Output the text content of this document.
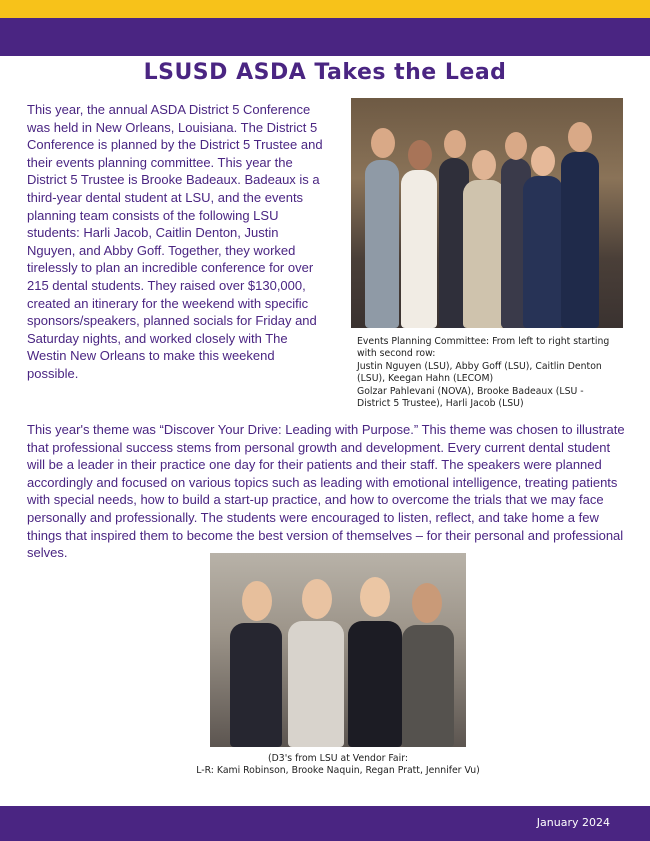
LSUSD ASDA Takes the Lead
This year, the annual ASDA District 5 Conference was held in New Orleans, Louisiana. The District 5 Conference is planned by the District 5 Trustee and their events planning committee. This year the District 5 Trustee is Brooke Badeaux. Badeaux is a third-year dental student at LSU, and the events planning team consists of the following LSU students: Harli Jacob, Caitlin Denton, Justin Nguyen, and Abby Goff. Together, they worked tirelessly to plan an incredible conference for over 215 dental students. They raised over $130,000, created an itinerary for the weekend with specific sponsors/speakers, planned socials for Friday and Saturday nights, and worked closely with The Westin New Orleans to make this weekend possible.
Events Planning Committee: From left to right starting with second row:
Justin Nguyen (LSU), Abby Goff (LSU), Caitlin Denton (LSU), Keegan Hahn (LECOM)
Golzar Pahlevani (NOVA), Brooke Badeaux (LSU - District 5 Trustee), Harli Jacob (LSU)
This year's theme was “Discover Your Drive: Leading with Purpose.” This theme was chosen to illustrate that professional success stems from personal growth and development. Every current dental student will be a leader in their practice one day for their patients and their staff. The speakers were planned accordingly and focused on various topics such as leading with emotional intelligence, treating patients with special needs, how to build a start-up practice, and how to overcome the trials that we may face personally and professionally. The students were encouraged to listen, reflect, and take home a few things that inspired them to become the best version of themselves – for their personal and professional selves.
(D3's from LSU at Vendor Fair:
L-R: Kami Robinson, Brooke Naquin, Regan Pratt, Jennifer Vu)
January 2024
